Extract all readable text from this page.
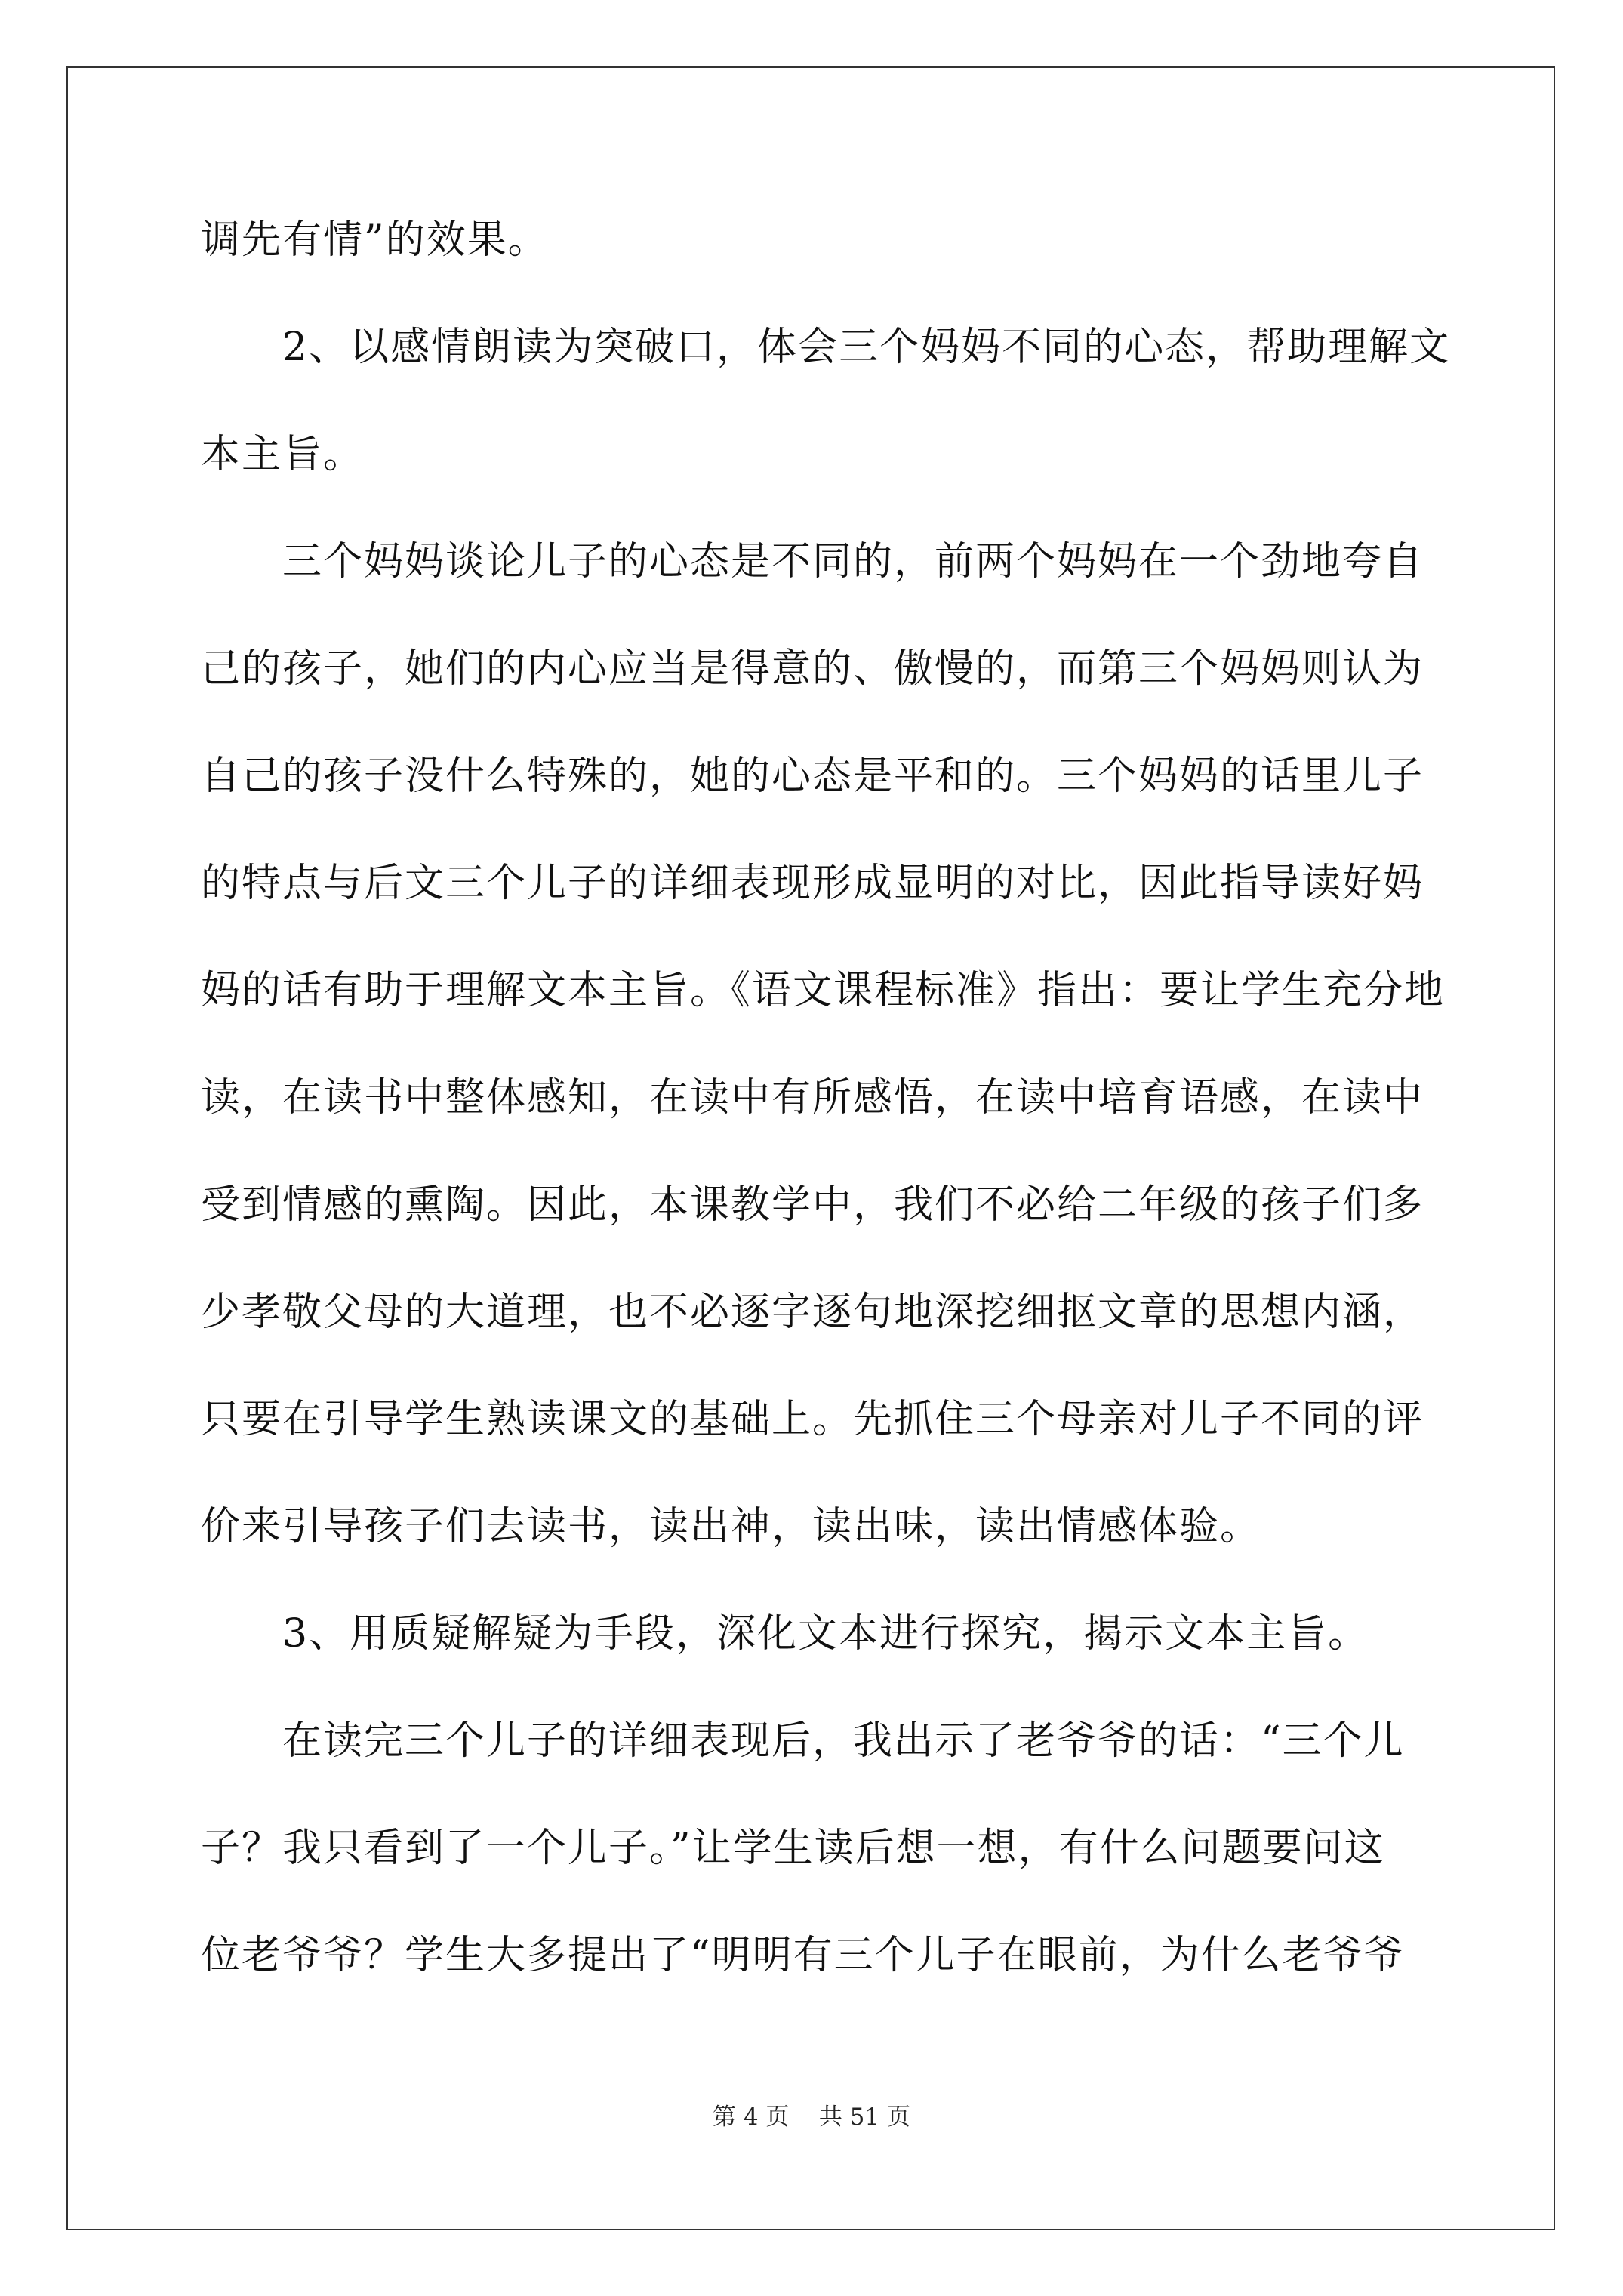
调先有情”的效果。
　　2、以感情朗读为突破口，体会三个妈妈不同的心态，帮助理解文
本主旨。
　　三个妈妈谈论儿子的心态是不同的，前两个妈妈在一个劲地夸自
己的孩子，她们的内心应当是得意的、傲慢的，而第三个妈妈则认为
自己的孩子没什么特殊的，她的心态是平和的。三个妈妈的话里儿子
的特点与后文三个儿子的详细表现形成显明的对比，因此指导读好妈
妈的话有助于理解文本主旨。《语文课程标准》指出：要让学生充分地
读，在读书中整体感知，在读中有所感悟，在读中培育语感，在读中
受到情感的熏陶。因此，本课教学中，我们不必给二年级的孩子们多
少孝敬父母的大道理，也不必逐字逐句地深挖细抠文章的思想内涵，
只要在引导学生熟读课文的基础上。先抓住三个母亲对儿子不同的评
价来引导孩子们去读书，读出神，读出味，读出情感体验。
　　3、用质疑解疑为手段，深化文本进行探究，揭示文本主旨。
　　在读完三个儿子的详细表现后，我出示了老爷爷的话：“三个儿
子？我只看到了一个儿子。”让学生读后想一想，有什么问题要问这
位老爷爷？学生大多提出了“明明有三个儿子在眼前，为什么老爷爷
第 4 页    共 51 页
